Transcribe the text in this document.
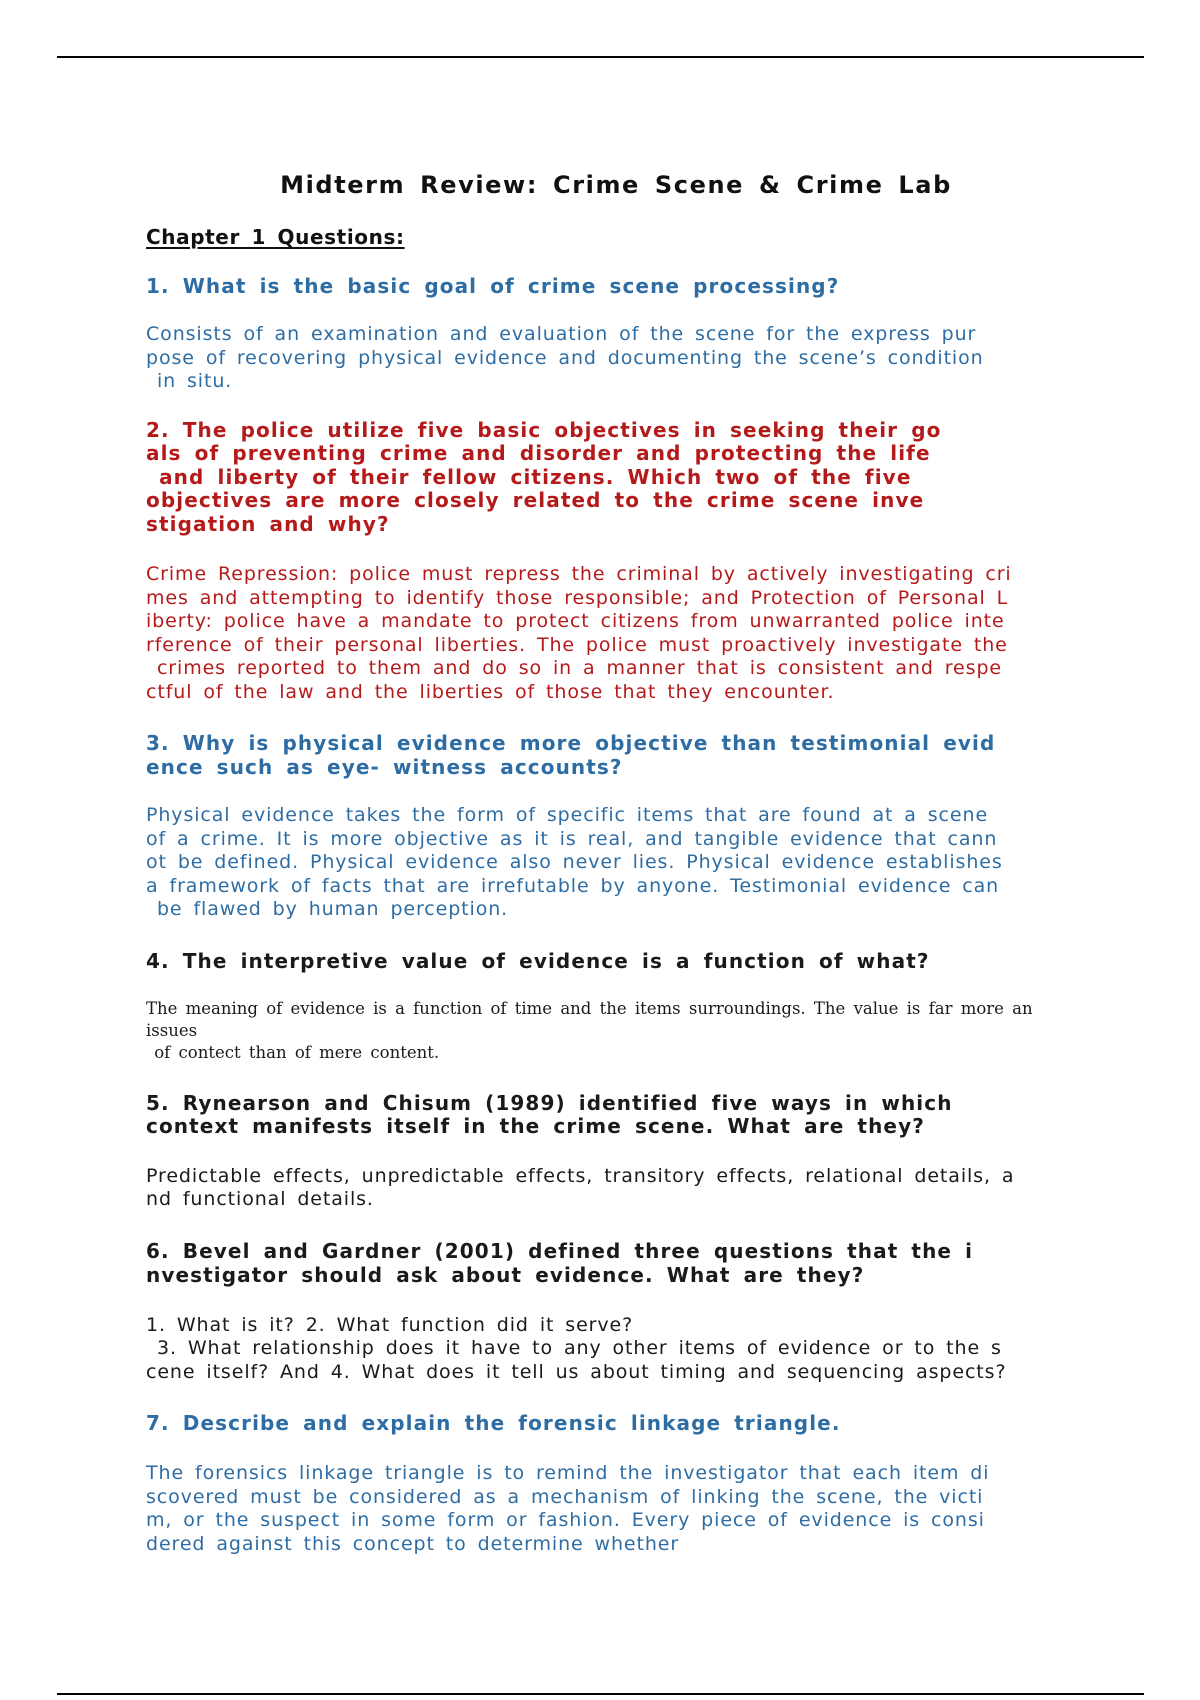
Midterm Review: Crime Scene & Crime Lab
Chapter 1 Questions:

1. What is the basic goal of crime scene processing?

Consists of an examination and evaluation of the scene for the express pur
pose of recovering physical evidence and documenting the scene’s condition
in situ.

2. The police utilize five basic objectives in seeking their go
als of preventing crime and disorder and protecting the life
and liberty of their fellow citizens. Which two of the five
objectives are more closely related to the crime scene inve
stigation and why?

Crime Repression: police must repress the criminal by actively investigating cri
mes and attempting to identify those responsible; and Protection of Personal L
iberty: police have a mandate to protect citizens from unwarranted police inte
rference of their personal liberties. The police must proactively investigate the
crimes reported to them and do so in a manner that is consistent and respe
ctful of the law and the liberties of those that they encounter.

3. Why is physical evidence more objective than testimonial evid
ence such as eye- witness accounts?

Physical evidence takes the form of specific items that are found at a scene
of a crime. It is more objective as it is real, and tangible evidence that cann
ot be defined. Physical evidence also never lies. Physical evidence establishes
a framework of facts that are irrefutable by anyone. Testimonial evidence can
be flawed by human perception.

4. The interpretive value of evidence is a function of what?

The meaning of evidence is a function of time and the items surroundings. The value is far more an issues
of contect than of mere content.

5. Rynearson and Chisum (1989) identified five ways in which
context manifests itself in the crime scene. What are they?

Predictable effects, unpredictable effects, transitory effects, relational details, a
nd functional details.

6. Bevel and Gardner (2001) defined three questions that the i
nvestigator should ask about evidence. What are they?

1. What is it? 2. What function did it serve?
3. What relationship does it have to any other items of evidence or to the s
cene itself? And 4. What does it tell us about timing and sequencing aspects?

7. Describe and explain the forensic linkage triangle.

The forensics linkage triangle is to remind the investigator that each item di
scovered must be considered as a mechanism of linking the scene, the victi
m, or the suspect in some form or fashion. Every piece of evidence is consi
dered against this concept to determine whether
